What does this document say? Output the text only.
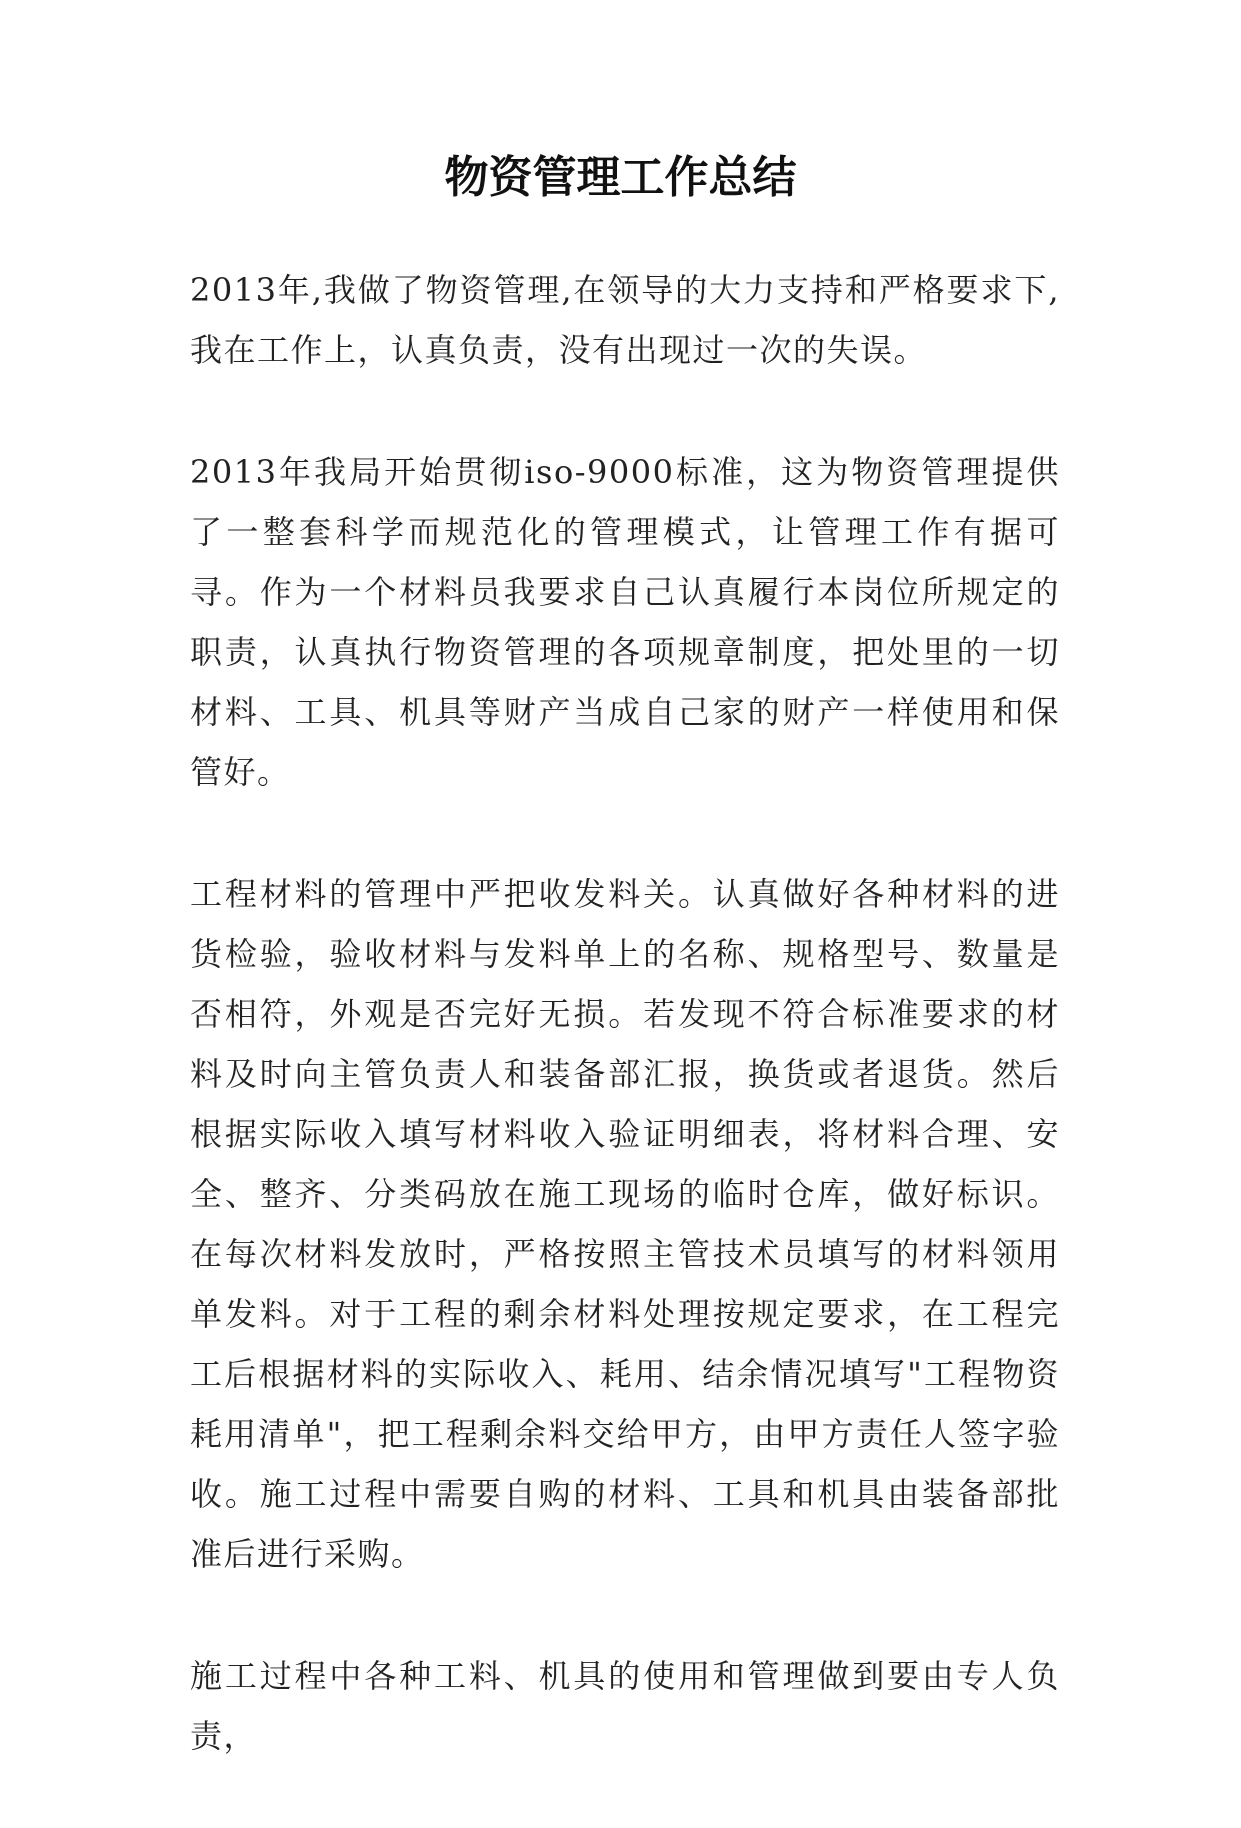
物资管理工作总结

2013年,我做了物资管理,在领导的大力支持和严格要求下,我在工作上，认真负责，没有出现过一次的失误。

2013年我局开始贯彻iso-9000标准，这为物资管理提供了一整套科学而规范化的管理模式，让管理工作有据可寻。作为一个材料员我要求自己认真履行本岗位所规定的职责，认真执行物资管理的各项规章制度，把处里的一切材料、工具、机具等财产当成自己家的财产一样使用和保管好。

工程材料的管理中严把收发料关。认真做好各种材料的进货检验，验收材料与发料单上的名称、规格型号、数量是否相符，外观是否完好无损。若发现不符合标准要求的材料及时向主管负责人和装备部汇报，换货或者退货。然后根据实际收入填写材料收入验证明细表，将材料合理、安全、整齐、分类码放在施工现场的临时仓库，做好标识。在每次材料发放时，严格按照主管技术员填写的材料领用单发料。对于工程的剩余材料处理按规定要求，在工程完工后根据材料的实际收入、耗用、结余情况填写"工程物资耗用清单"，把工程剩余料交给甲方，由甲方责任人签字验收。施工过程中需要自购的材料、工具和机具由装备部批准后进行采购。

施工过程中各种工料、机具的使用和管理做到要由专人负责，
